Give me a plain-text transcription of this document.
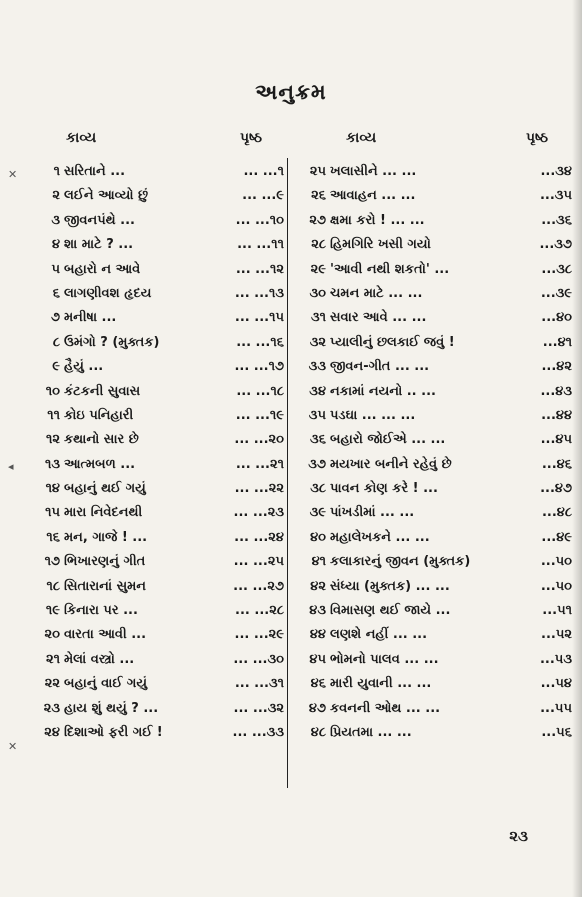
✕
◂
✕
અનુક્રમ
કાવ્ય	પૃષ્ઠ	કાવ્ય	પૃષ્ઠ
૧ સરિતાને ...	... ...૧
૨ લઈને આવ્યો છું	... ...૯
૩ જીવનપંથે ...	... ...૧૦
૪ શા માટે ? ...	... ...૧૧
૫ બહારો ન આવે	... ...૧૨
૬ લાગણીવશ હૃદય	... ...૧૩
૭ મનીષા ...	... ...૧૫
૮ ઉમંગો ? (મુક્તક)	... ...૧૬
૯ હૈયું ...	... ...૧૭
૧૦ કંટકની સુવાસ	... ...૧૮
૧૧ કોઇ પનિહારી	... ...૧૯
૧૨ કથાનો સાર છે	... ...૨૦
૧૩ આત્મબળ ...	... ...૨૧
૧૪ બહાનું થઈ ગયું	... ...૨૨
૧૫ મારા નિવેદનથી	... ...૨૩
૧૬ મન, ગાજે ! ...	... ...૨૪
૧૭ ભિખારણનું ગીત	... ...૨૫
૧૮ સિતારાનાં સુમન	... ...૨૭
૧૯ કિનારા પર ...	... ...૨૮
૨૦ વારતા આવી ...	... ...૨૯
૨૧ મેલાં વસ્ત્રો ...	... ...૩૦
૨૨ બહાનું વાઈ ગયું	... ...૩૧
૨૩ હાય શું થયું ? ...	... ...૩૨
૨૪ દિશાઓ ફરી ગઈ !	... ...૩૩
૨૫ ખલાસીને ... ...	...૩૪
૨૬ આવાહન ... ...	...૩૫
૨૭ ક્ષમા કરો ! ... ...	...૩૬
૨૮ હિમગિરિ ખસી ગયો	...૩૭
૨૯ 'આવી નથી શકતો' ...	...૩૮
૩૦ ચમન માટે ... ...	...૩૯
૩૧ સવાર આવે ... ...	...૪૦
૩૨ પ્યાલીનું છલકાઈ જવું !	...૪૧
૩૩ જીવન-ગીત ... ...	...૪૨
૩૪ નકામાં નયનો .. ...	...૪૩
૩૫ પડઘા ... ... ...	...૪૪
૩૬ બહારો જોઈએ ... ...	...૪૫
૩૭ મયખાર બનીને રહેવું છે	...૪૬
૩૮ પાવન કોણ કરે ! ...	...૪૭
૩૯ પાંખડીમાં ... ...	...૪૮
૪૦ મહાલેખકને ... ...	...૪૯
૪૧ કલાકારનું જીવન (મુક્તક)	...૫૦
૪૨ સંધ્યા (મુક્તક) ... ...	...૫૦
૪૩ વિમાસણ થઈ જાયે ...	...૫૧
૪૪ લણશે નહીં ... ...	...૫૨
૪૫ ભોમનો પાલવ ... ...	...૫૩
૪૬ મારી યુવાની ... ...	...૫૪
૪૭ કવનની ઓથ ... ...	...૫૫
૪૮ પ્રિયતમા ... ...	...૫૬
૨૩
